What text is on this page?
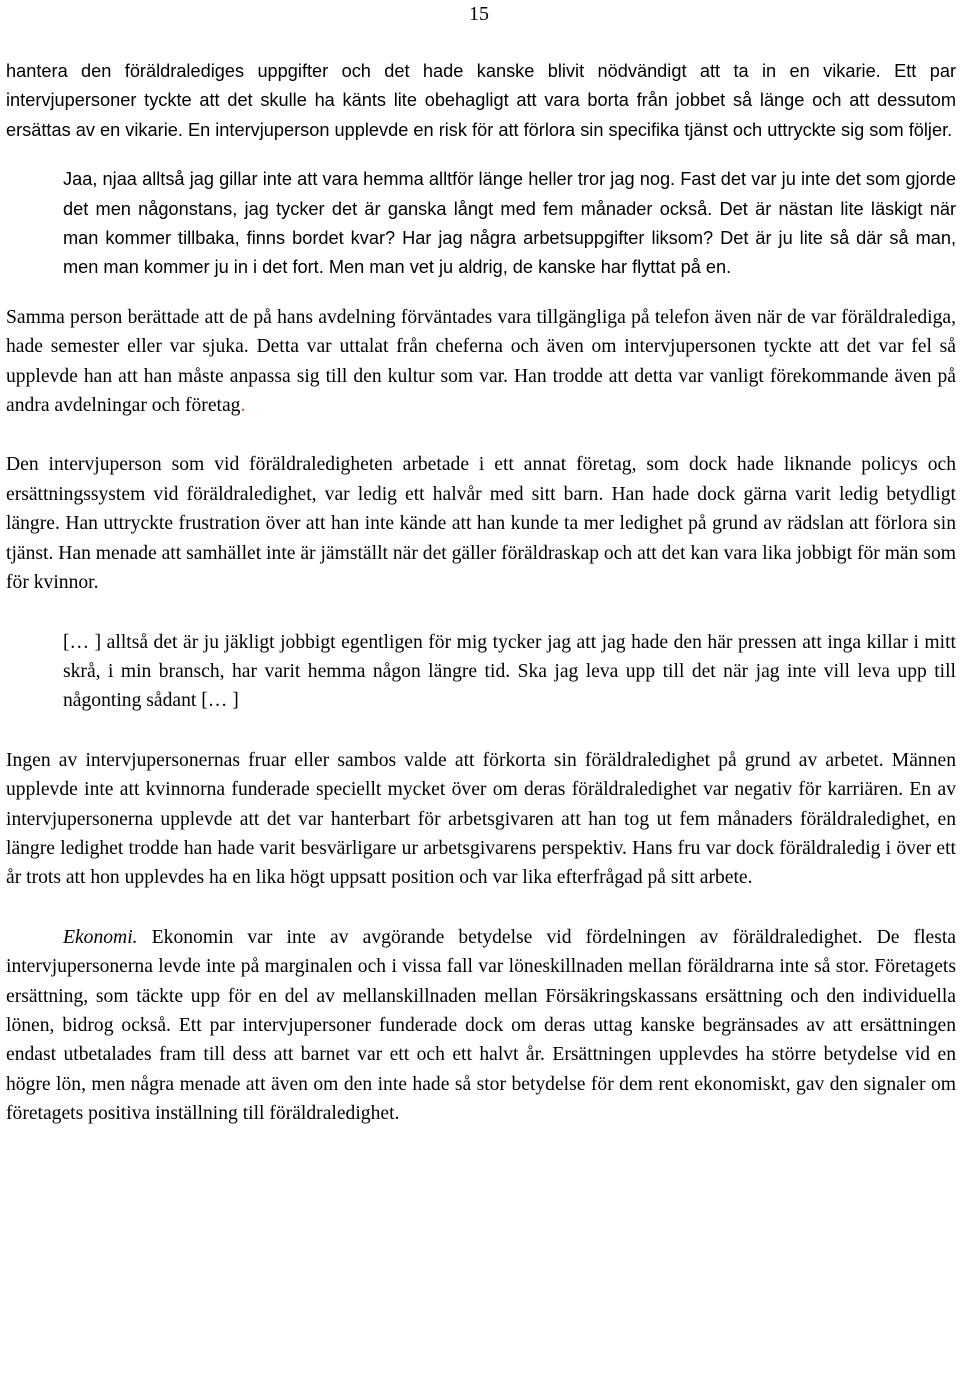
15

hantera den föräldralediges uppgifter och det hade kanske blivit nödvändigt att ta in en vikarie. Ett par intervjupersoner tyckte att det skulle ha känts lite obehagligt att vara borta från jobbet så länge och att dessutom ersättas av en vikarie. En intervjuperson upplevde en risk för att förlora sin specifika tjänst och uttryckte sig som följer.

Jaa, njaa alltså jag gillar inte att vara hemma alltför länge heller tror jag nog. Fast det var ju inte det som gjorde det men någonstans, jag tycker det är ganska långt med fem månader också. Det är nästan lite läskigt när man kommer tillbaka, finns bordet kvar? Har jag några arbetsuppgifter liksom? Det är ju lite så där så man, men man kommer ju in i det fort. Men man vet ju aldrig, de kanske har flyttat på en.

Samma person berättade att de på hans avdelning förväntades vara tillgängliga på telefon även när de var föräldralediga, hade semester eller var sjuka. Detta var uttalat från cheferna och även om intervjupersonen tyckte att det var fel så upplevde han att han måste anpassa sig till den kultur som var. Han trodde att detta var vanligt förekommande även på andra avdelningar och företag.

Den intervjuperson som vid föräldraledigheten arbetade i ett annat företag, som dock hade liknande policys och ersättningssystem vid föräldraledighet, var ledig ett halvår med sitt barn. Han hade dock gärna varit ledig betydligt längre. Han uttryckte frustration över att han inte kände att han kunde ta mer ledighet på grund av rädslan att förlora sin tjänst. Han menade att samhället inte är jämställt när det gäller föräldraskap och att det kan vara lika jobbigt för män som för kvinnor.

[… ] alltså det är ju jäkligt jobbigt egentligen för mig tycker jag att jag hade den här pressen att inga killar i mitt skrå, i min bransch, har varit hemma någon längre tid. Ska jag leva upp till det när jag inte vill leva upp till någonting sådant [… ]

Ingen av intervjupersonernas fruar eller sambos valde att förkorta sin föräldraledighet på grund av arbetet. Männen upplevde inte att kvinnorna funderade speciellt mycket över om deras föräldraledighet var negativ för karriären. En av intervjupersonerna upplevde att det var hanterbart för arbetsgivaren att han tog ut fem månaders föräldraledighet, en längre ledighet trodde han hade varit besvärligare ur arbetsgivarens perspektiv. Hans fru var dock föräldraledig i över ett år trots att hon upplevdes ha en lika högt uppsatt position och var lika efterfrågad på sitt arbete.

Ekonomi. Ekonomin var inte av avgörande betydelse vid fördelningen av föräldraledighet. De flesta intervjupersonerna levde inte på marginalen och i vissa fall var löneskillnaden mellan föräldrarna inte så stor. Företagets ersättning, som täckte upp för en del av mellanskillnaden mellan Försäkringskassans ersättning och den individuella lönen, bidrog också. Ett par intervjupersoner funderade dock om deras uttag kanske begränsades av att ersättningen endast utbetalades fram till dess att barnet var ett och ett halvt år. Ersättningen upplevdes ha större betydelse vid en högre lön, men några menade att även om den inte hade så stor betydelse för dem rent ekonomiskt, gav den signaler om företagets positiva inställning till föräldraledighet.
